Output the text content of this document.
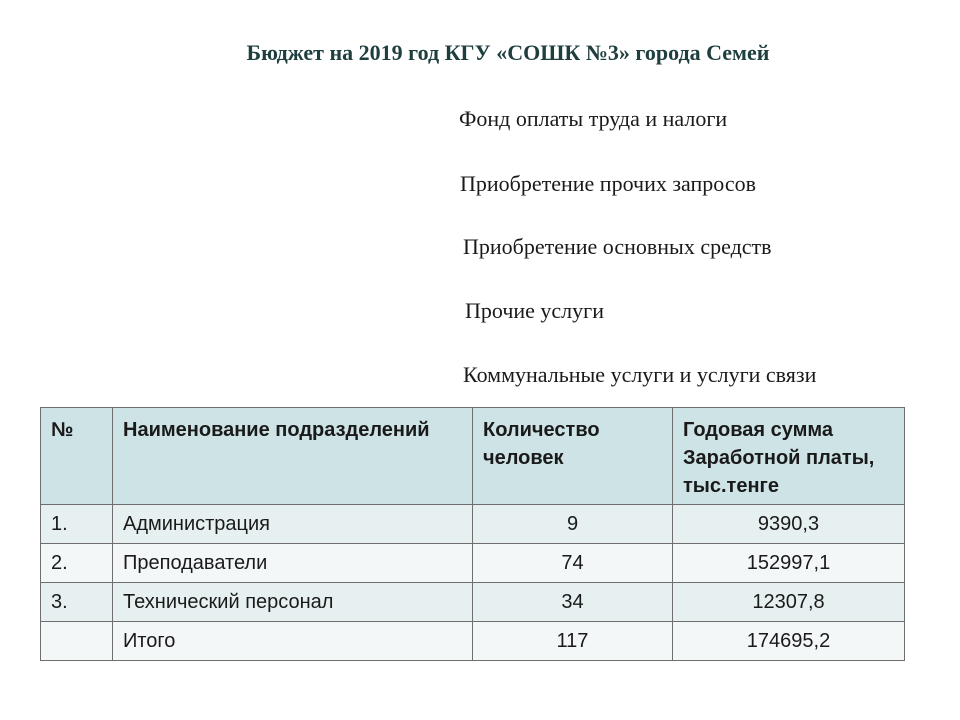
Бюджет на 2019 год КГУ «СОШК №3» города Семей
Фонд оплаты труда и налоги
Приобретение прочих запросов
Приобретение основных средств
Прочие услуги
Коммунальные услуги и услуги связи
№	Наименование подразделений	Количество человек	Годовая сумма Заработной платы, тыс.тенге
1.	Администрация	9	9390,3
2.	Преподаватели	74	152997,1
3.	Технический персонал	34	12307,8
	Итого	117	174695,2
